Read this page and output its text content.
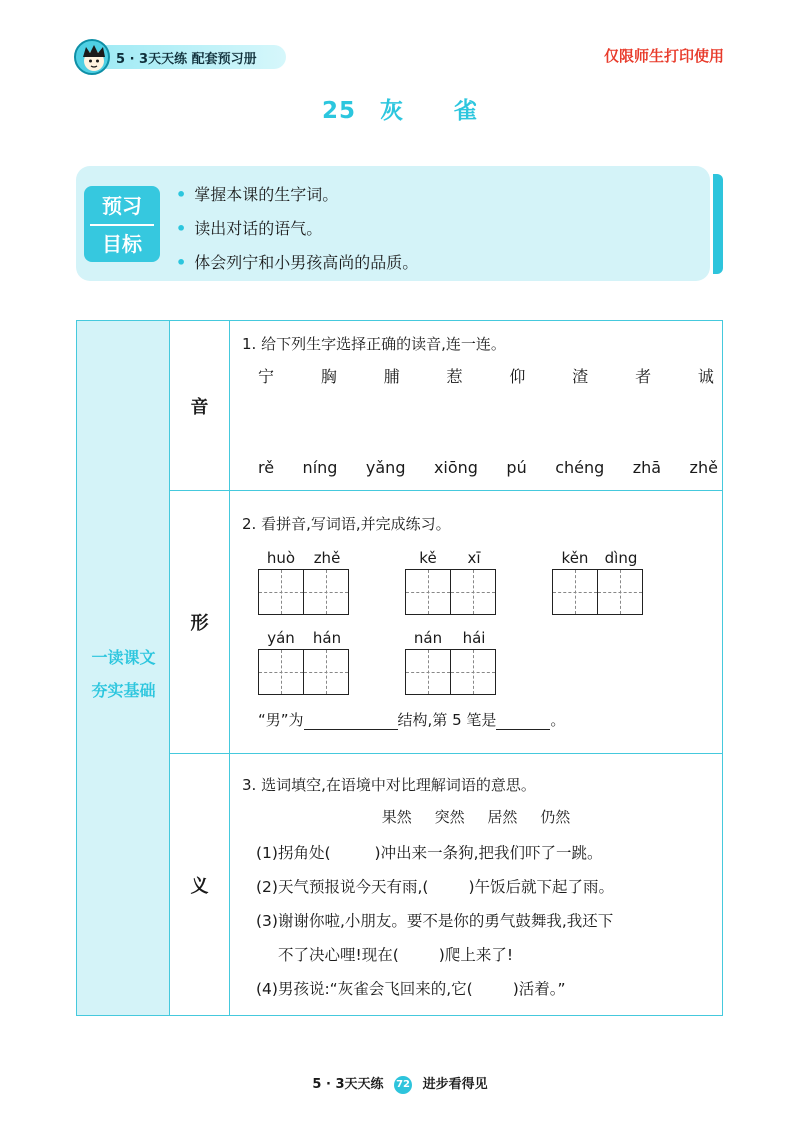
5 · 3天天练 配套预习册	仅限师生打印使用
25 灰 雀
预习
目标
• 掌握本课的生字词。
• 读出对话的语气。
• 体会列宁和小男孩高尚的品质。
一读课文
夯实基础
音
1. 给下列生字选择正确的读音,连一连。
宁	胸	脯	惹	仰	渣	者	诚
rě níng yǎng xiōng pú chéng zhā zhě
形
2. 看拼音,写词语,并完成练习。
huò	zhě	kě	xī	kěn	dìng
yán	hán	nán	hái
“男”为	结构,第 5 笔是	。
义
3. 选词填空,在语境中对比理解词语的意思。
果然 突然 居然 仍然
(1)拐角处(	)冲出来一条狗,把我们吓了一跳。
(2)天气预报说今天有雨,(	)午饭后就下起了雨。
(3)谢谢你啦,小朋友。要不是你的勇气鼓舞我,我还下
不了决心哩!现在(	)爬上来了!
(4)男孩说:“灰雀会飞回来的,它(	)活着。”
5 · 3天天练 72 进步看得见
